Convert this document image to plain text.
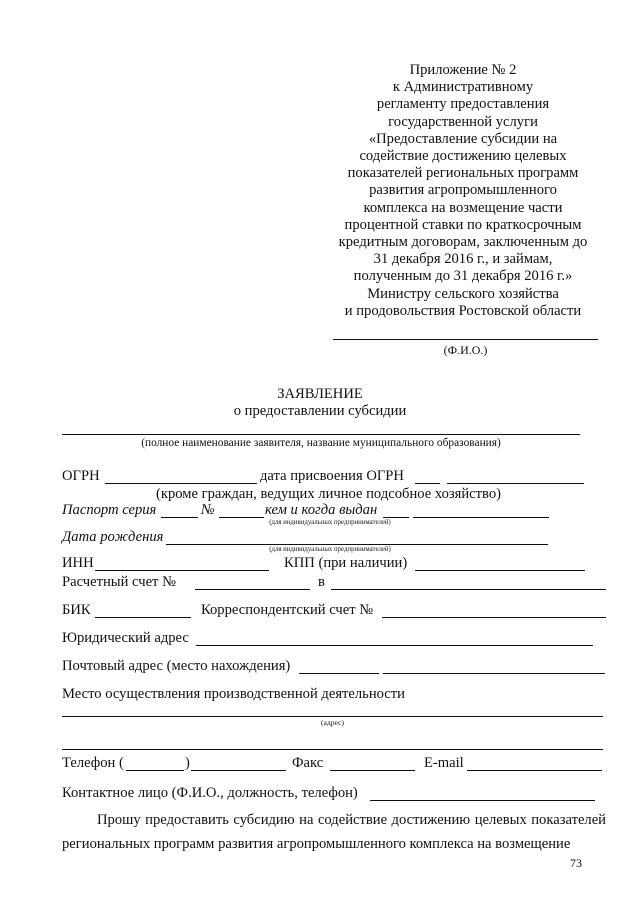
Приложение № 2
к Административному
регламенту предоставления
государственной услуги
«Предоставление субсидии на
содействие достижению целевых
показателей региональных программ
развития агропромышленного
комплекса на возмещение части
процентной ставки по краткосрочным
кредитным договорам, заключенным до
31 декабря 2016 г., и займам,
полученным до 31 декабря 2016 г.»
Министру сельского хозяйства
и продовольствия Ростовской области
(Ф.И.О.)
ЗАЯВЛЕНИЕ
о предоставлении субсидии
(полное наименование заявителя, название муниципального образования)
ОГРН	дата присвоения ОГРН
(кроме граждан, ведущих личное подсобное хозяйство)
Паспорт серия	№	кем и когда выдан
(для индивидуальных предпринимателей)
Дата рождения
(для индивидуальных предпринимателей)
ИНН	КПП (при наличии)
Расчетный счет №	в
БИК	Корреспондентский счет №
Юридический адрес
Почтовый адрес (место нахождения)
Место осуществления производственной деятельности
(адрес)
Телефон (	)	Факс	E-mail
Контактное лицо (Ф.И.О., должность, телефон)
Прошу предоставить субсидию на содействие достижению целевых показателей региональных программ развития агропромышленного комплекса на возмещение
73
